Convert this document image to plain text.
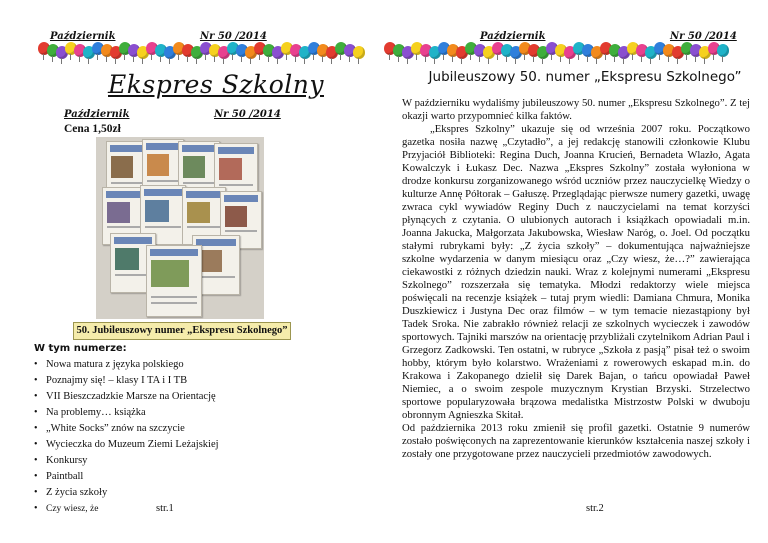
Październik	Nr 50 /2014
Ekspres Szkolny
Październik	Nr 50 /2014
Cena 1,50zł
50. Jubileuszowy numer „Ekspresu Szkolnego”
W tym numerze:
• Nowa matura z języka polskiego
• Poznajmy się! – klasy I TA i I TB
• VII Bieszczadzkie Marsze na Orientację
• Na problemy… książka
• „White Socks” znów na szczycie
• Wycieczka do Muzeum Ziemi Leżajskiej
• Konkursy
• Paintball
• Z życia szkoły
• Czy wiesz, że	str.1
Październik	Nr 50 /2014
Jubileuszowy 50. numer „Ekspresu Szkolnego”

W październiku wydaliśmy jubileuszowy 50. numer „Ekspresu Szkolnego”. Z tej okazji warto przypomnieć kilka faktów.

„Ekspres Szkolny” ukazuje się od września 2007 roku. Początkowo gazetka nosiła nazwę „Czytadło”, a jej redakcję stanowili członkowie Klubu Przyjaciół Biblioteki: Regina Duch, Joanna Krucień, Bernadeta Wlazło, Agata Kowalczyk i Łukasz Dec. Nazwa „Ekspres Szkolny” została wyłoniona w drodze konkursu zorganizowanego wśród uczniów przez nauczycielkę Wiedzy o kulturze Annę Półtorak – Gałuszę. Przeglądając pierwsze numery gazetki, uwagę zwraca cykl wywiadów Reginy Duch z nauczycielami na temat korzyści płynących z czytania. O ulubionych autorach i książkach opowiadali m.in. Joanna Jakucka, Małgorzata Jakubowska, Wiesław Naróg, o. Joel. Od początku stałymi rubrykami były: „Z życia szkoły” – dokumentująca najważniejsze szkolne wydarzenia w danym miesiącu oraz „Czy wiesz, że…?” zawierająca ciekawostki z różnych dziedzin nauki. Wraz z kolejnymi numerami „Ekspresu Szkolnego” rozszerzała się tematyka. Młodzi redaktorzy wiele miejsca poświęcali na recenzje książek – tutaj prym wiedli: Damiana Chmura, Monika Duszkiewicz i Justyna Dec oraz filmów – w tym temacie niezastąpiony był Tadek Sroka. Nie zabrakło również relacji ze szkolnych wycieczek i zawodów sportowych. Tajniki marszów na orientację przybliżali czytelnikom Adrian Paul i Grzegorz Zadkowski. Ten ostatni, w rubryce „Szkoła z pasją” pisał też o swoim hobby, którym było kolarstwo. Wrażeniami z rowerowych eskapad m.in. do Krakowa i Zakopanego dzielił się Darek Bajan, o tańcu opowiadał Paweł Niemiec, a o swoim zespole muzycznym Krystian Brzyski. Strzelectwo sportowe popularyzowała brązowa medalistka Mistrzostw Polski w dwuboju obronnym Agnieszka Skitał.

Od października 2013 roku zmienił się profil gazetki. Ostatnie 9 numerów zostało poświęconych na zaprezentowanie kierunków kształcenia naszej szkoły i zostały one przygotowane przez nauczycieli przedmiotów zawodowych.

str.2
